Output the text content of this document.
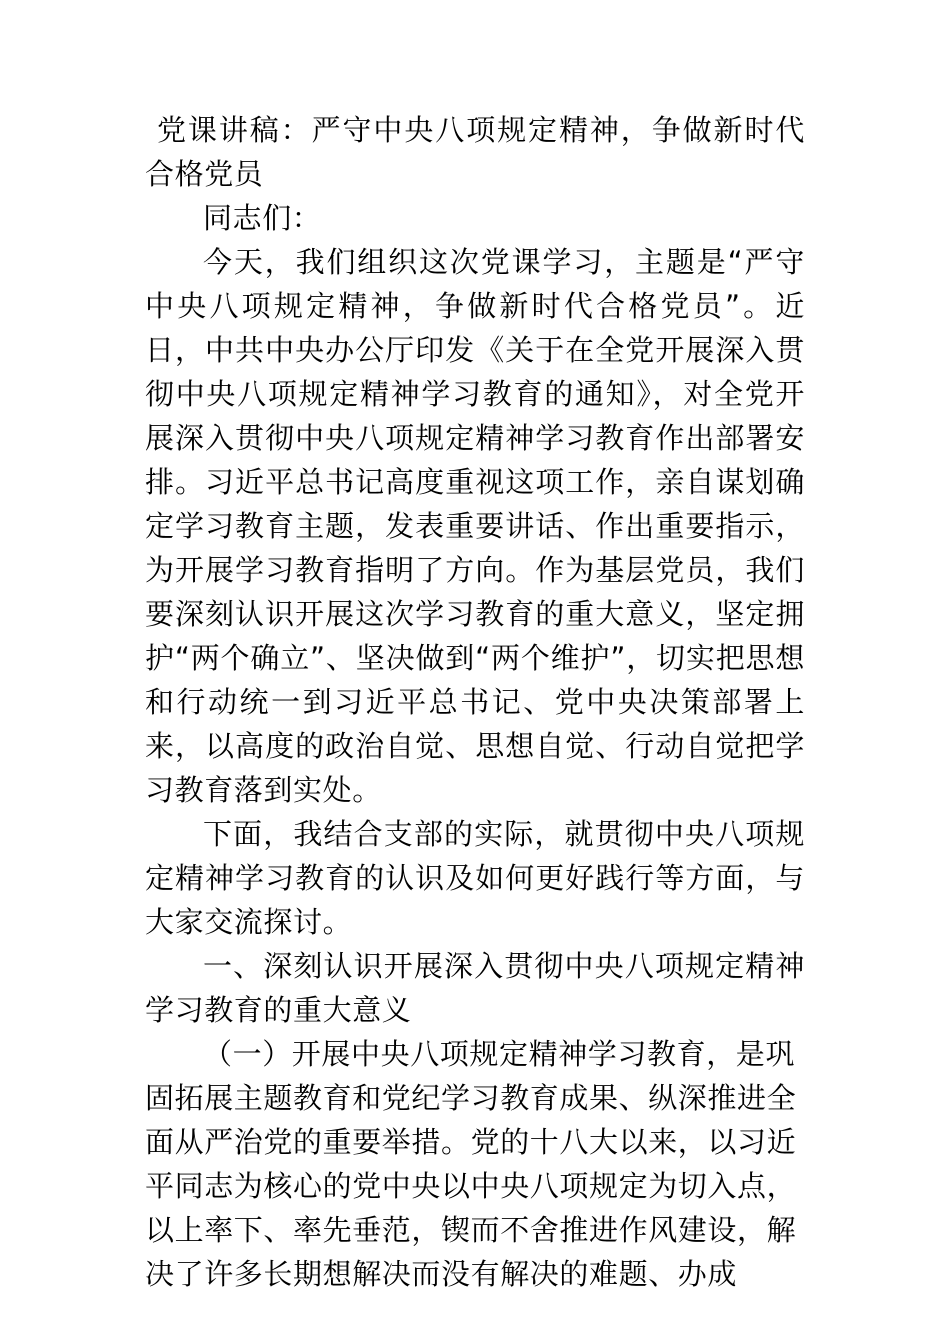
党课讲稿：严守中央八项规定精神，争做新时代合格党员

同志们：

今天，我们组织这次党课学习，主题是“严守中央八项规定精神，争做新时代合格党员”。近日，中共中央办公厅印发《关于在全党开展深入贯彻中央八项规定精神学习教育的通知》，对全党开展深入贯彻中央八项规定精神学习教育作出部署安排。习近平总书记高度重视这项工作，亲自谋划确定学习教育主题，发表重要讲话、作出重要指示，为开展学习教育指明了方向。作为基层党员，我们要深刻认识开展这次学习教育的重大意义，坚定拥护“两个确立”、坚决做到“两个维护”，切实把思想和行动统一到习近平总书记、党中央决策部署上来，以高度的政治自觉、思想自觉、行动自觉把学习教育落到实处。

下面，我结合支部的实际，就贯彻中央八项规定精神学习教育的认识及如何更好践行等方面，与大家交流探讨。

一、深刻认识开展深入贯彻中央八项规定精神学习教育的重大意义

（一）开展中央八项规定精神学习教育，是巩固拓展主题教育和党纪学习教育成果、纵深推进全面从严治党的重要举措。党的十八大以来，以习近平同志为核心的党中央以中央八项规定为切入点，以上率下、率先垂范，锲而不舍推进作风建设，解决了许多长期想解决而没有解决的难题、办成
